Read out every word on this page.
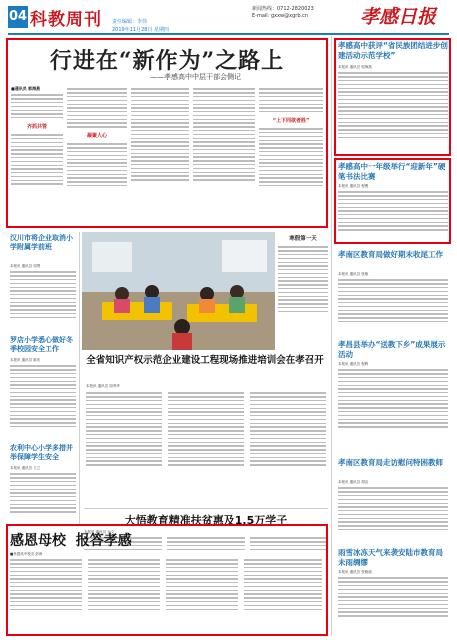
04 科教周刊 责任编辑：李伟
2019年11月28日 星期四
新闻热线：0712-2820023
E-mail: gxxw@xgrb.cn	孝感日报
行进在“新作为”之路上
——孝感高中中层干部会侧记
■通讯员 郭海燕
齐抓共管
凝聚人心
“上下同欲者胜”
孝感高中获评“省民族团结进步创建活动示范学校”
本报讯 通讯员 郭海燕
孝感高中一年级举行“迎新年”硬笔书法比赛
本报讯 通讯员 程俊
孝南区教育局做好期末收尾工作
本报讯 通讯员 张敏
孝昌县举办“送教下乡”成果展示活动
本报讯 通讯员 程辉
孝南区教育局走访慰问特困教师
本报讯 通讯员 胡洁
雨雪冰冻天气来袭安陆市教育局未雨绸缪
本报讯 通讯员 张雅丽
汉川市将企业取消小学附属学前班
本报讯 通讯员 周贤
罗店小学悉心做好冬季校园安全工作
本报讯 通讯员 陈庆
农利中心小学多措并举保障学生安全
本报讯 通讯员 王立
寒假第一天
全省知识产权示范企业建设工程现场推进培训会在孝召开
本报讯 通讯员 周秀华
大悟教育精准扶贫惠及1.5万学子
本报讯 通讯员 余文
感恩母校  报答孝感
■孝感高中校友 彭涛
